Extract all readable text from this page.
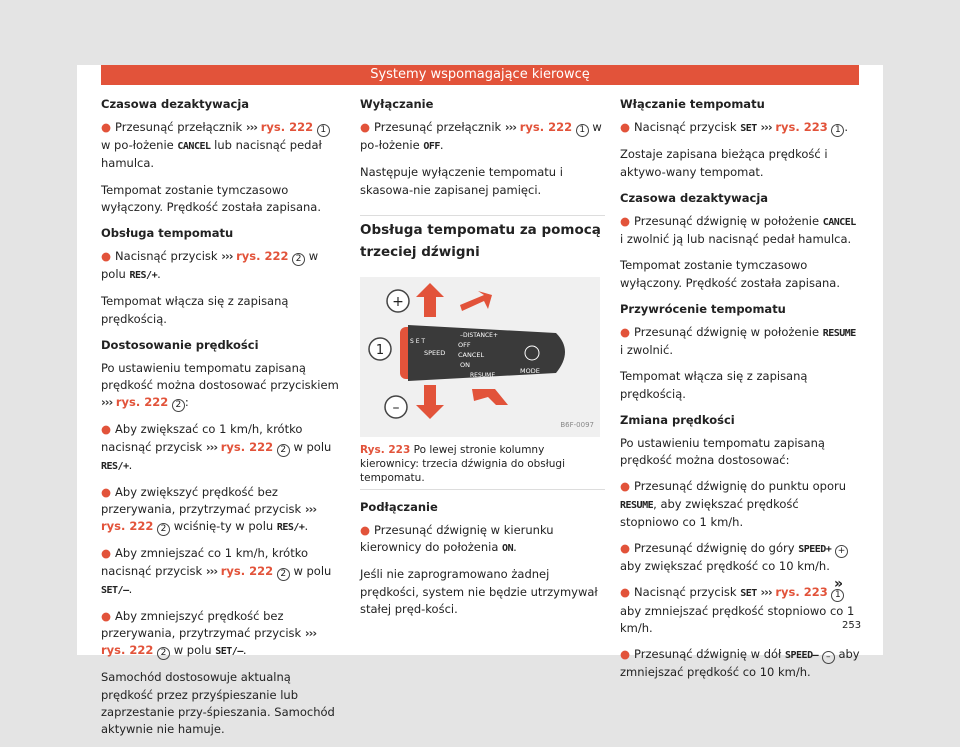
Systemy wspomagające kierowcę
Czasowa dezaktywacja

● Przesunąć przełącznik ››› rys. 222 1 w po-łożenie CANCEL lub nacisnąć pedał hamulca.

Tempomat zostanie tymczasowo wyłączony. Prędkość została zapisana.

Obsługa tempomatu

● Nacisnąć przycisk ››› rys. 222 2 w polu RES/+.

Tempomat włącza się z zapisaną prędkością.

Dostosowanie prędkości

Po ustawieniu tempomatu zapisaną prędkość można dostosować przyciskiem ››› rys. 222 2 :

● Aby zwiększać co 1 km/h, krótko nacisnąć przycisk ››› rys. 222 2 w polu RES/+.

● Aby zwiększyć prędkość bez przerywania, przytrzymać przycisk ››› rys. 222 2 wciśnię-ty w polu RES/+.

● Aby zmniejszać co 1 km/h, krótko nacisnąć przycisk ››› rys. 222 2 w polu SET/–.

● Aby zmniejszyć prędkość bez przerywania, przytrzymać przycisk ››› rys. 222 2 w polu SET/–.

Samochód dostosowuje aktualną prędkość przez przyśpieszanie lub zaprzestanie przy-śpieszania. Samochód aktywnie nie hamuje.

Wyłączanie

● Przesunąć przełącznik ››› rys. 222 1 w po-łożenie OFF.

Następuje wyłączenie tempomatu i skasowa-nie zapisanej pamięci.

Obsługa tempomatu za pomocą trzeciej dźwigni
+
1
–
S E T
SPEED
–DISTANCE+
OFF
CANCEL
ON
RESUME
MODE
B6F-0097

Rys. 223 Po lewej stronie kolumny kierownicy: trzecia dźwignia do obsługi tempomatu.

Podłączanie

● Przesunąć dźwignię w kierunku kierownicy do położenia ON.

Jeśli nie zaprogramowano żadnej prędkości, system nie będzie utrzymywał stałej pręd-kości.

Włączanie tempomatu

● Nacisnąć przycisk SET ››› rys. 223 1 .

Zostaje zapisana bieżąca prędkość i aktywo-wany tempomat.

Czasowa dezaktywacja

● Przesunąć dźwignię w położenie CANCEL i zwolnić ją lub nacisnąć pedał hamulca.

Tempomat zostanie tymczasowo wyłączony. Prędkość została zapisana.

Przywrócenie tempomatu

● Przesunąć dźwignię w położenie RESUME i zwolnić.

Tempomat włącza się z zapisaną prędkością.

Zmiana prędkości

Po ustawieniu tempomatu zapisaną prędkość można dostosować:

● Przesunąć dźwignię do punktu oporu RESUME, aby zwiększać prędkość stopniowo co 1 km/h.

● Przesunąć dźwignię do góry SPEED+ + aby zwiększać prędkość co 10 km/h.

● Nacisnąć przycisk SET ››› rys. 223 1 aby zmniejszać prędkość stopniowo co 1 km/h.

● Przesunąć dźwignię w dół SPEED– – aby zmniejszać prędkość co 10 km/h.

»
253
